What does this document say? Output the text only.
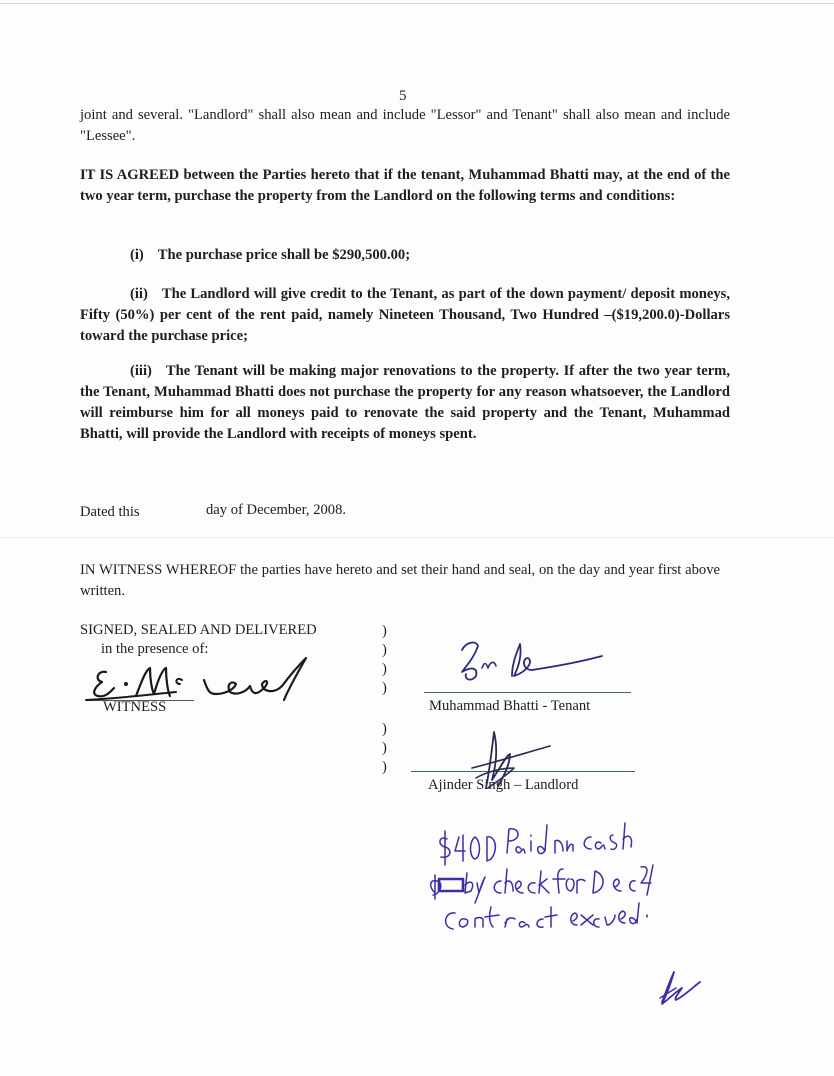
5
joint and several. "Landlord" shall also mean and include "Lessor" and Tenant" shall also mean and include "Lessee".
IT IS AGREED between the Parties hereto that if the tenant, Muhammad Bhatti may, at the end of the two year term, purchase the property from the Landlord on the following terms and conditions:
(i) The purchase price shall be $290,500.00;
(ii) The Landlord will give credit to the Tenant, as part of the down payment/ deposit moneys, Fifty (50%) per cent of the rent paid, namely Nineteen Thousand, Two Hundred –($19,200.0)-Dollars toward the purchase price;
(iii) The Tenant will be making major renovations to the property. If after the two year term, the Tenant, Muhammad Bhatti does not purchase the property for any reason whatsoever, the Landlord will reimburse him for all moneys paid to renovate the said property and the Tenant, Muhammad Bhatti, will provide the Landlord with receipts of moneys spent.
Dated this	day of December, 2008.
IN WITNESS WHEREOF the parties have hereto and set their hand and seal, on the day and year first above written.
SIGNED, SEALED AND DELIVERED
in the presence of:
)
)
)
)
)
)
)
WITNESS	Muhammad Bhatti - Tenant
Ajinder Singh – Landlord
